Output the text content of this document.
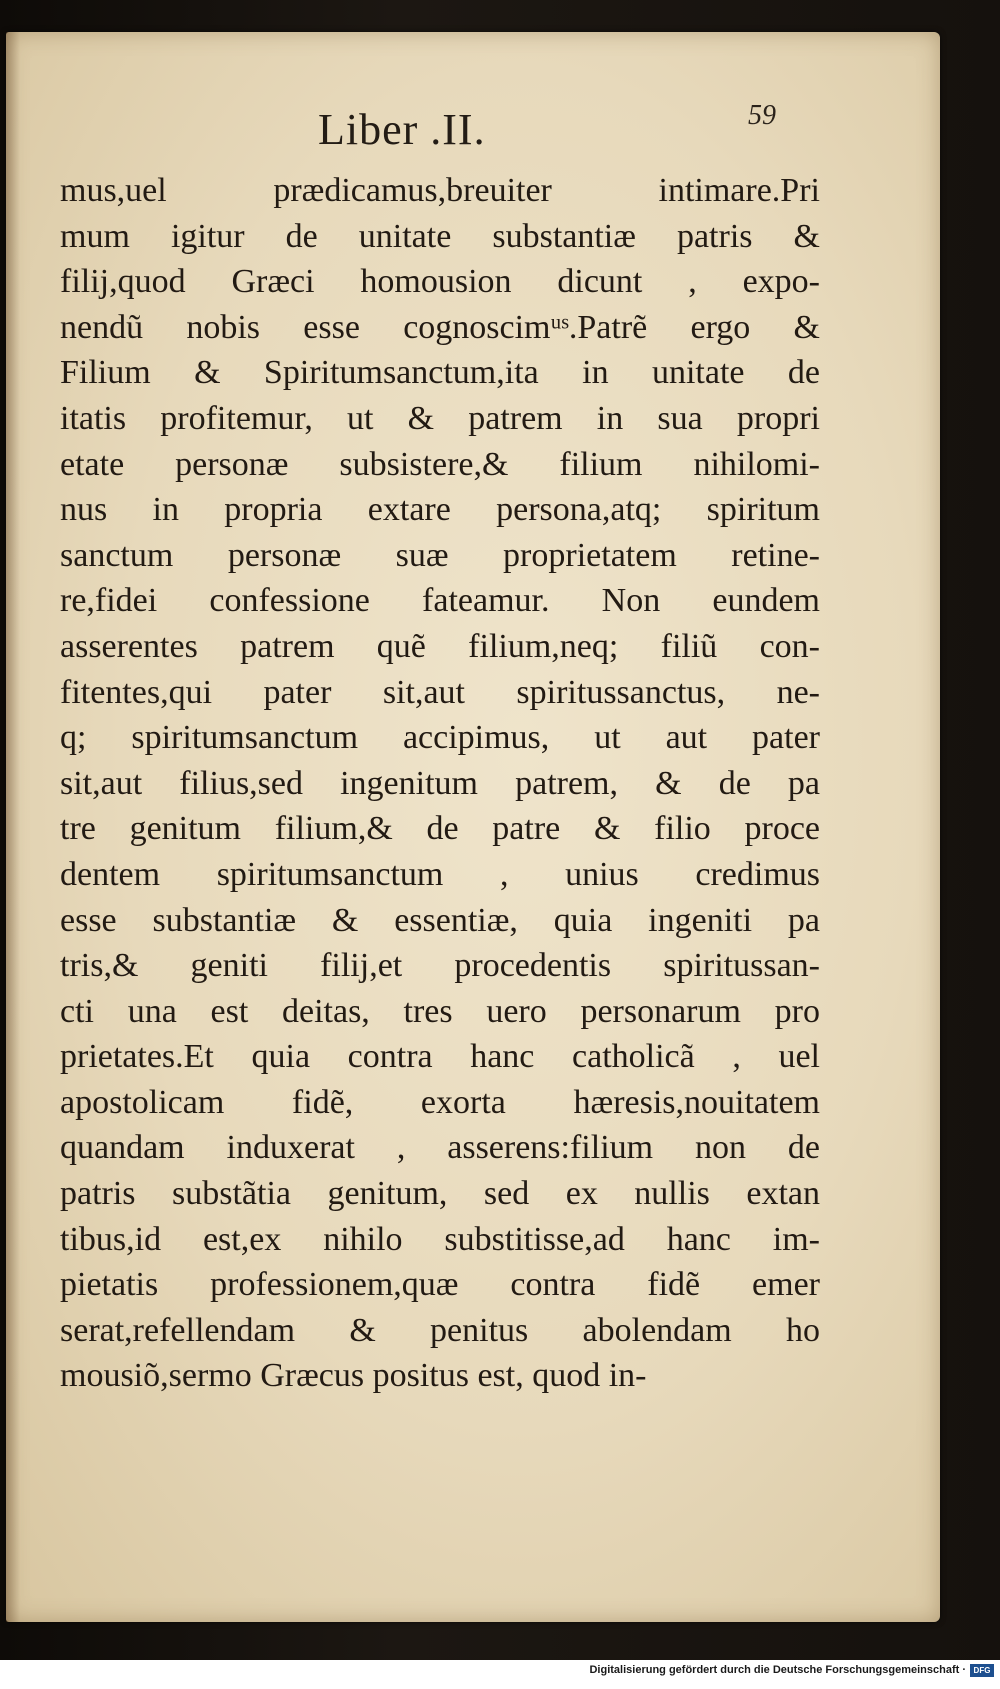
Liber .II.	59
mus,uel prædicamus,breuiter intimare.Pri
mum igitur de unitate substantiæ patris &
filij,quod Græci homousion dicunt , expo-
nendũ nobis esse cognoscimᵘˢ.Patrẽ ergo &
Filium & Spiritumsanctum,ita in unitate de
itatis profitemur, ut & patrem in sua propri
etate personæ subsistere,& filium nihilomi-
nus in propria extare persona,atq; spiritum
sanctum personæ suæ proprietatem retine-
re,fidei confessione fateamur. Non eundem
asserentes patrem quẽ filium,neq; filiũ con-
fitentes,qui pater sit,aut spiritussanctus, ne-
q; spiritumsanctum accipimus, ut aut pater
sit,aut filius,sed ingenitum patrem, & de pa
tre genitum filium,& de patre & filio proce
dentem spiritumsanctum , unius credimus
esse substantiæ & essentiæ, quia ingeniti pa
tris,& geniti filij,et procedentis spiritussan-
cti una est deitas, tres uero personarum pro
prietates.Et quia contra hanc catholicã , uel
apostolicam fidẽ, exorta hæresis,nouitatem
quandam induxerat , asserens:filium non de
patris substãtia genitum, sed ex nullis extan
tibus,id est,ex nihilo substitisse,ad hanc im-
pietatis professionem,quæ contra fidẽ emer
serat,refellendam & penitus abolendam ho
mousiõ,sermo Græcus positus est, quod in-
Digitalisierung gefördert durch die Deutsche Forschungsgemeinschaft · DFG
